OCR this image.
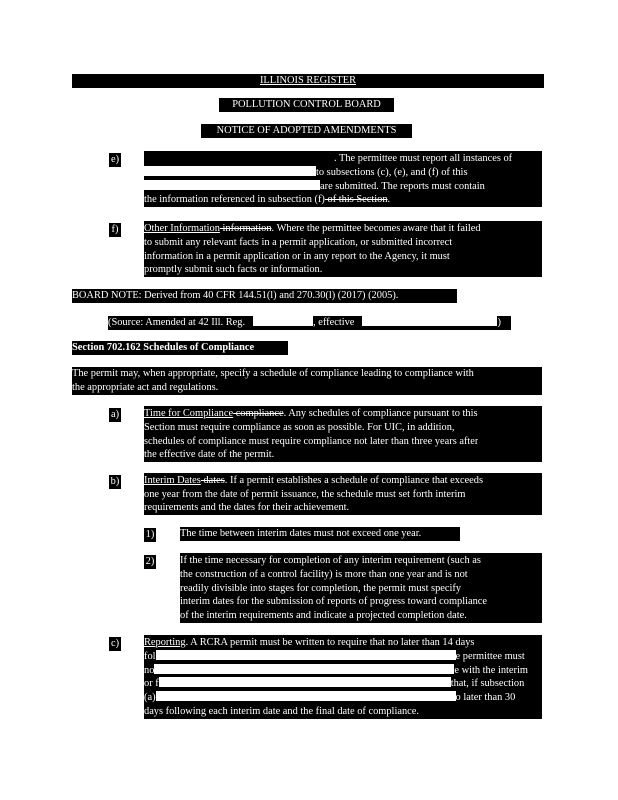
ILLINOIS REGISTER
POLLUTION CONTROL BOARD
NOTICE OF ADOPTED AMENDMENTS
e)	. The permittee must report all instances of
to subsections (c), (e), and (f) of this
are submitted. The reports must contain
the information referenced in subsection (f) of this Section.
f) Other Information information. Where the permittee becomes aware that it failed
to submit any relevant facts in a permit application, or submitted incorrect
information in a permit application or in any report to the Agency, it must
promptly submit such facts or information.
BOARD NOTE: Derived from 40 CFR 144.51(l) and 270.30(l) (2017) (2005).
(Source: Amended at 42 Ill. Reg.	, effective	)
Section 702.162 Schedules of Compliance
The permit may, when appropriate, specify a schedule of compliance leading to compliance with
the appropriate act and regulations.
a) Time for Compliance compliance. Any schedules of compliance pursuant to this
Section must require compliance as soon as possible. For UIC, in addition,
schedules of compliance must require compliance not later than three years after
the effective date of the permit.
b) Interim Dates dates. If a permit establishes a schedule of compliance that exceeds
one year from the date of permit issuance, the schedule must set forth interim
requirements and the dates for their achievement.
1) The time between interim dates must not exceed one year.
2) If the time necessary for completion of any interim requirement (such as
the construction of a control facility) is more than one year and is not
readily divisible into stages for completion, the permit must specify
interim dates for the submission of reports of progress toward compliance
of the interim requirements and indicate a projected completion date.
c) Reporting. A RCRA permit must be written to require that no later than 14 days
fol	e permittee must
no	e with the interim
or f	that, if subsection
(a)	o later than 30
days following each interim date and the final date of compliance.
